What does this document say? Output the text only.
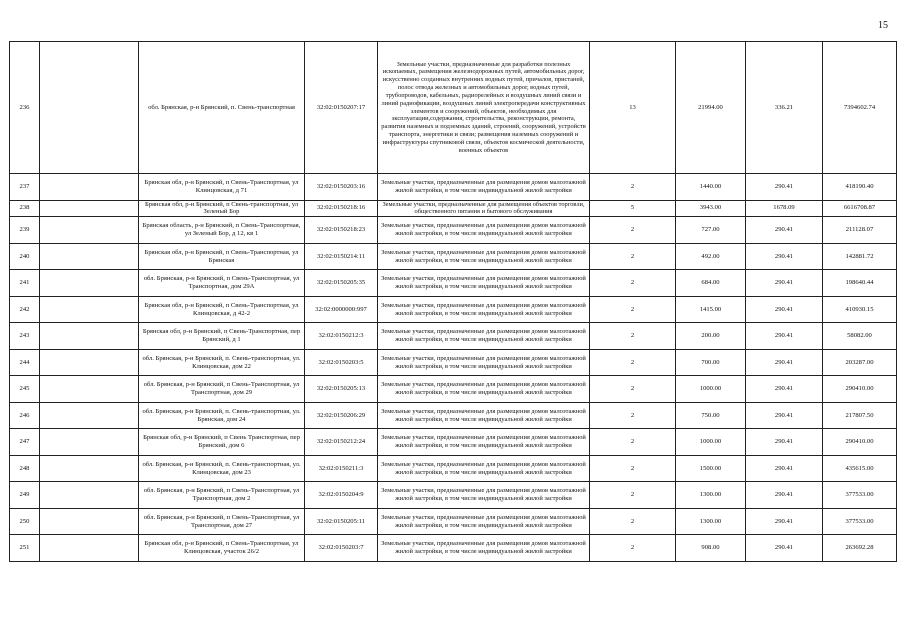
15
236		обл. Брянская, р-н Брянский, п. Свень-транспортная	32:02:0150207:17	Земельные участки, предназначенные для разработки полезных ископаемых, размещения железнодорожных путей, автомобильных дорог, искусственно созданных внутренних водных путей, причалов, пристаней, полос отвода железных и автомобильных дорог, водных путей, трубопроводов, кабельных, радиорелейных и воздушных линий связи и линий радиофикации, воздушных линий электропередачи конструктивных элементов и сооружений, объектов, необходимых для эксплуатации,содержания, строительства, реконструкции, ремонта, развития наземных и подземных зданий, строений, сооружений, устройств транспорта, энергетики и связи; размещения наземных сооружений и инфраструктуры спутниковой связи, объектов космической деятельности, военных объектов	13	21994.00	336.21	7394602.74
237		Брянская обл, р-н Брянский, п Свень-Транспортная, ул Клинцовская, д 71	32:02:0150203:16	Земельные участки, предназначенные для размещения домов малоэтажной жилой застройки, в том числе индивидуальной жилой застройки	2	1440.00	290.41	418190.40
238		Брянская обл, р-н Брянский, п Свень-транспортная, ул Зеленый Бор	32:02:0150218:16	Земельные участки, предназначенные для размещения объектов торговли, общественного питания и бытового обслуживания	5	3943.00	1678.09	6616708.87
239		Брянская область, р-н Брянский, п Свень-Транспортная, ул Зеленый Бор, д 12, кв 1	32:02:0150218:23	Земельные участки, предназначенные для размещения домов малоэтажной жилой застройки, в том числе индивидуальной жилой застройки	2	727.00	290.41	211128.07
240		Брянская обл, р-н Брянский, п Свень-Транспортная, ул Брянская	32:02:0150214:11	Земельные участки, предназначенные для размещения домов малоэтажной жилой застройки, в том числе индивидуальной жилой застройки	2	492.00	290.41	142881.72
241		обл. Брянская, р-н Брянский, п Свень-Транспортная, ул Транспортная, дом 29А	32:02:0150205:35	Земельные участки, предназначенные для размещения домов малоэтажной жилой застройки, в том числе индивидуальной жилой застройки	2	684.00	290.41	198640.44
242		Брянская обл, р-н Брянский, п Свень-Транспортная, ул Клинцовская, д 42-2	32:02:0000000:997	Земельные участки, предназначенные для размещения домов малоэтажной жилой застройки, в том числе индивидуальной жилой застройки	2	1415.00	290.41	410930.15
243		Брянская обл, р-н Брянский, п Свень-Транспортная, пер Брянский, д 1	32:02:0150212:3	Земельные участки, предназначенные для размещения домов малоэтажной жилой застройки, в том числе индивидуальной жилой застройки	2	200.00	290.41	58082.00
244		обл. Брянская, р-н Брянский, п. Свень-транспортная, ул. Клинцовская, дом 22	32:02:0150203:5	Земельные участки, предназначенные для размещения домов малоэтажной жилой застройки, в том числе индивидуальной жилой застройки	2	700.00	290.41	203287.00
245		обл. Брянская, р-н Брянский, п Свень-Транспортная, ул Транспортная, дом 29	32:02:0150205:13	Земельные участки, предназначенные для размещения домов малоэтажной жилой застройки, в том числе индивидуальной жилой застройки	2	1000.00	290.41	290410.00
246		обл. Брянская, р-н Брянский, п. Свень-транспортная, ул. Брянская, дом 24	32:02:0150206:29	Земельные участки, предназначенные для размещения домов малоэтажной жилой застройки, в том числе индивидуальной жилой застройки	2	750.00	290.41	217807.50
247		Брянская обл, р-н Брянский, п Свень Транспортная, пер Брянский, дом 6	32:02:0150212:24	Земельные участки, предназначенные для размещения домов малоэтажной жилой застройки, в том числе индивидуальной жилой застройки	2	1000.00	290.41	290410.00
248		обл. Брянская, р-н Брянский, п. Свень-транспортная, ул. Клинцовская, дом 23	32:02:0150211:3	Земельные участки, предназначенные для размещения домов малоэтажной жилой застройки, в том числе индивидуальной жилой застройки	2	1500.00	290.41	435615.00
249		обл. Брянская, р-н Брянский, п Свень-Транспортная, ул Транспортная, дом 2	32:02:0150204:9	Земельные участки, предназначенные для размещения домов малоэтажной жилой застройки, в том числе индивидуальной жилой застройки	2	1300.00	290.41	377533.00
250		обл. Брянская, р-н Брянский, п Свень-Транспортная, ул Транспортная, дом 27	32:02:0150205:11	Земельные участки, предназначенные для размещения домов малоэтажной жилой застройки, в том числе индивидуальной жилой застройки	2	1300.00	290.41	377533.00
251		Брянская обл, р-н Брянский, п Свень-Транспортная, ул Клинцовская, участок 26/2	32:02:0150203:7	Земельные участки, предназначенные для размещения домов малоэтажной жилой застройки, в том числе индивидуальной жилой застройки	2	908.00	290.41	263692.28
